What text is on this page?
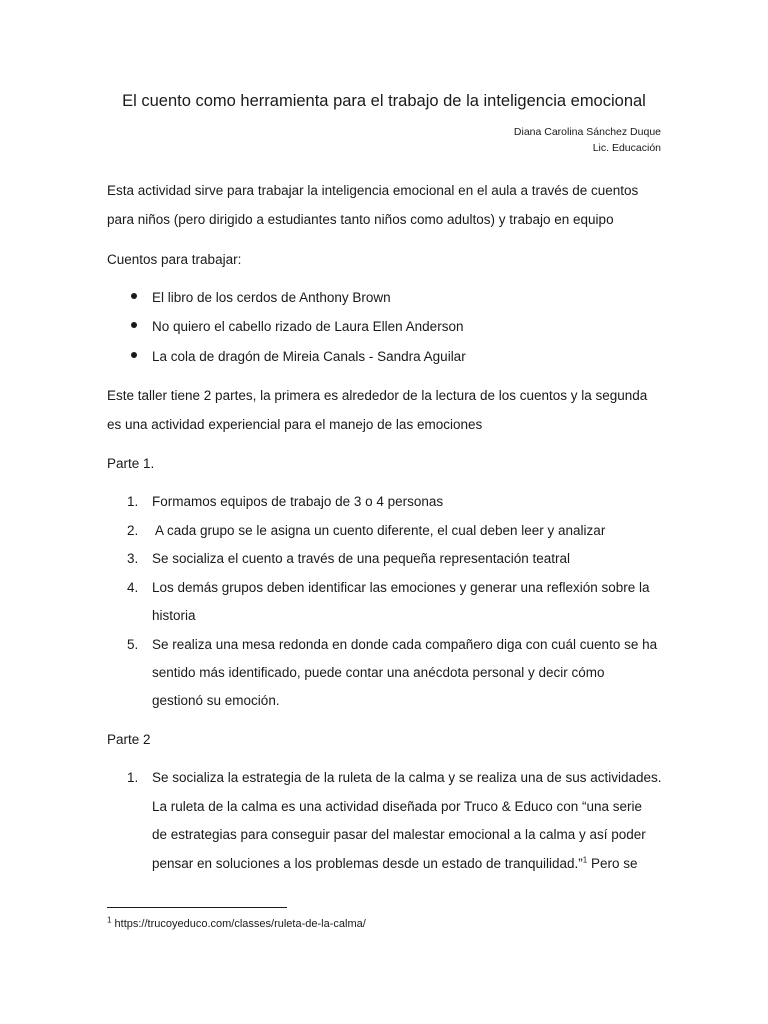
El cuento como herramienta para el trabajo de la inteligencia emocional
Diana Carolina Sánchez Duque
Lic. Educación

Esta actividad sirve para trabajar la inteligencia emocional en el aula a través de cuentos
para niños (pero dirigido a estudiantes tanto niños como adultos) y trabajo en equipo

Cuentos para trabajar:

El libro de los cerdos de Anthony Brown
No quiero el cabello rizado de Laura Ellen Anderson
La cola de dragón de Mireia Canals - Sandra Aguilar

Este taller tiene 2 partes, la primera es alrededor de la lectura de los cuentos y la segunda
es una actividad experiencial para el manejo de las emociones

Parte 1.

1. Formamos equipos de trabajo de 3 o 4 personas
2. A cada grupo se le asigna un cuento diferente, el cual deben leer y analizar
3. Se socializa el cuento a través de una pequeña representación teatral
4. Los demás grupos deben identificar las emociones y generar una reflexión sobre la
historia
5. Se realiza una mesa redonda en donde cada compañero diga con cuál cuento se ha
sentido más identificado, puede contar una anécdota personal y decir cómo
gestionó su emoción.

Parte 2

1. Se socializa la estrategia de la ruleta de la calma y se realiza una de sus actividades.
La ruleta de la calma es una actividad diseñada por Truco & Educo con “una serie
de estrategias para conseguir pasar del malestar emocional a la calma y así poder
pensar en soluciones a los problemas desde un estado de tranquilidad.”$^1$ Pero se
$^1$ https://trucoyeduco.com/classes/ruleta-de-la-calma/
